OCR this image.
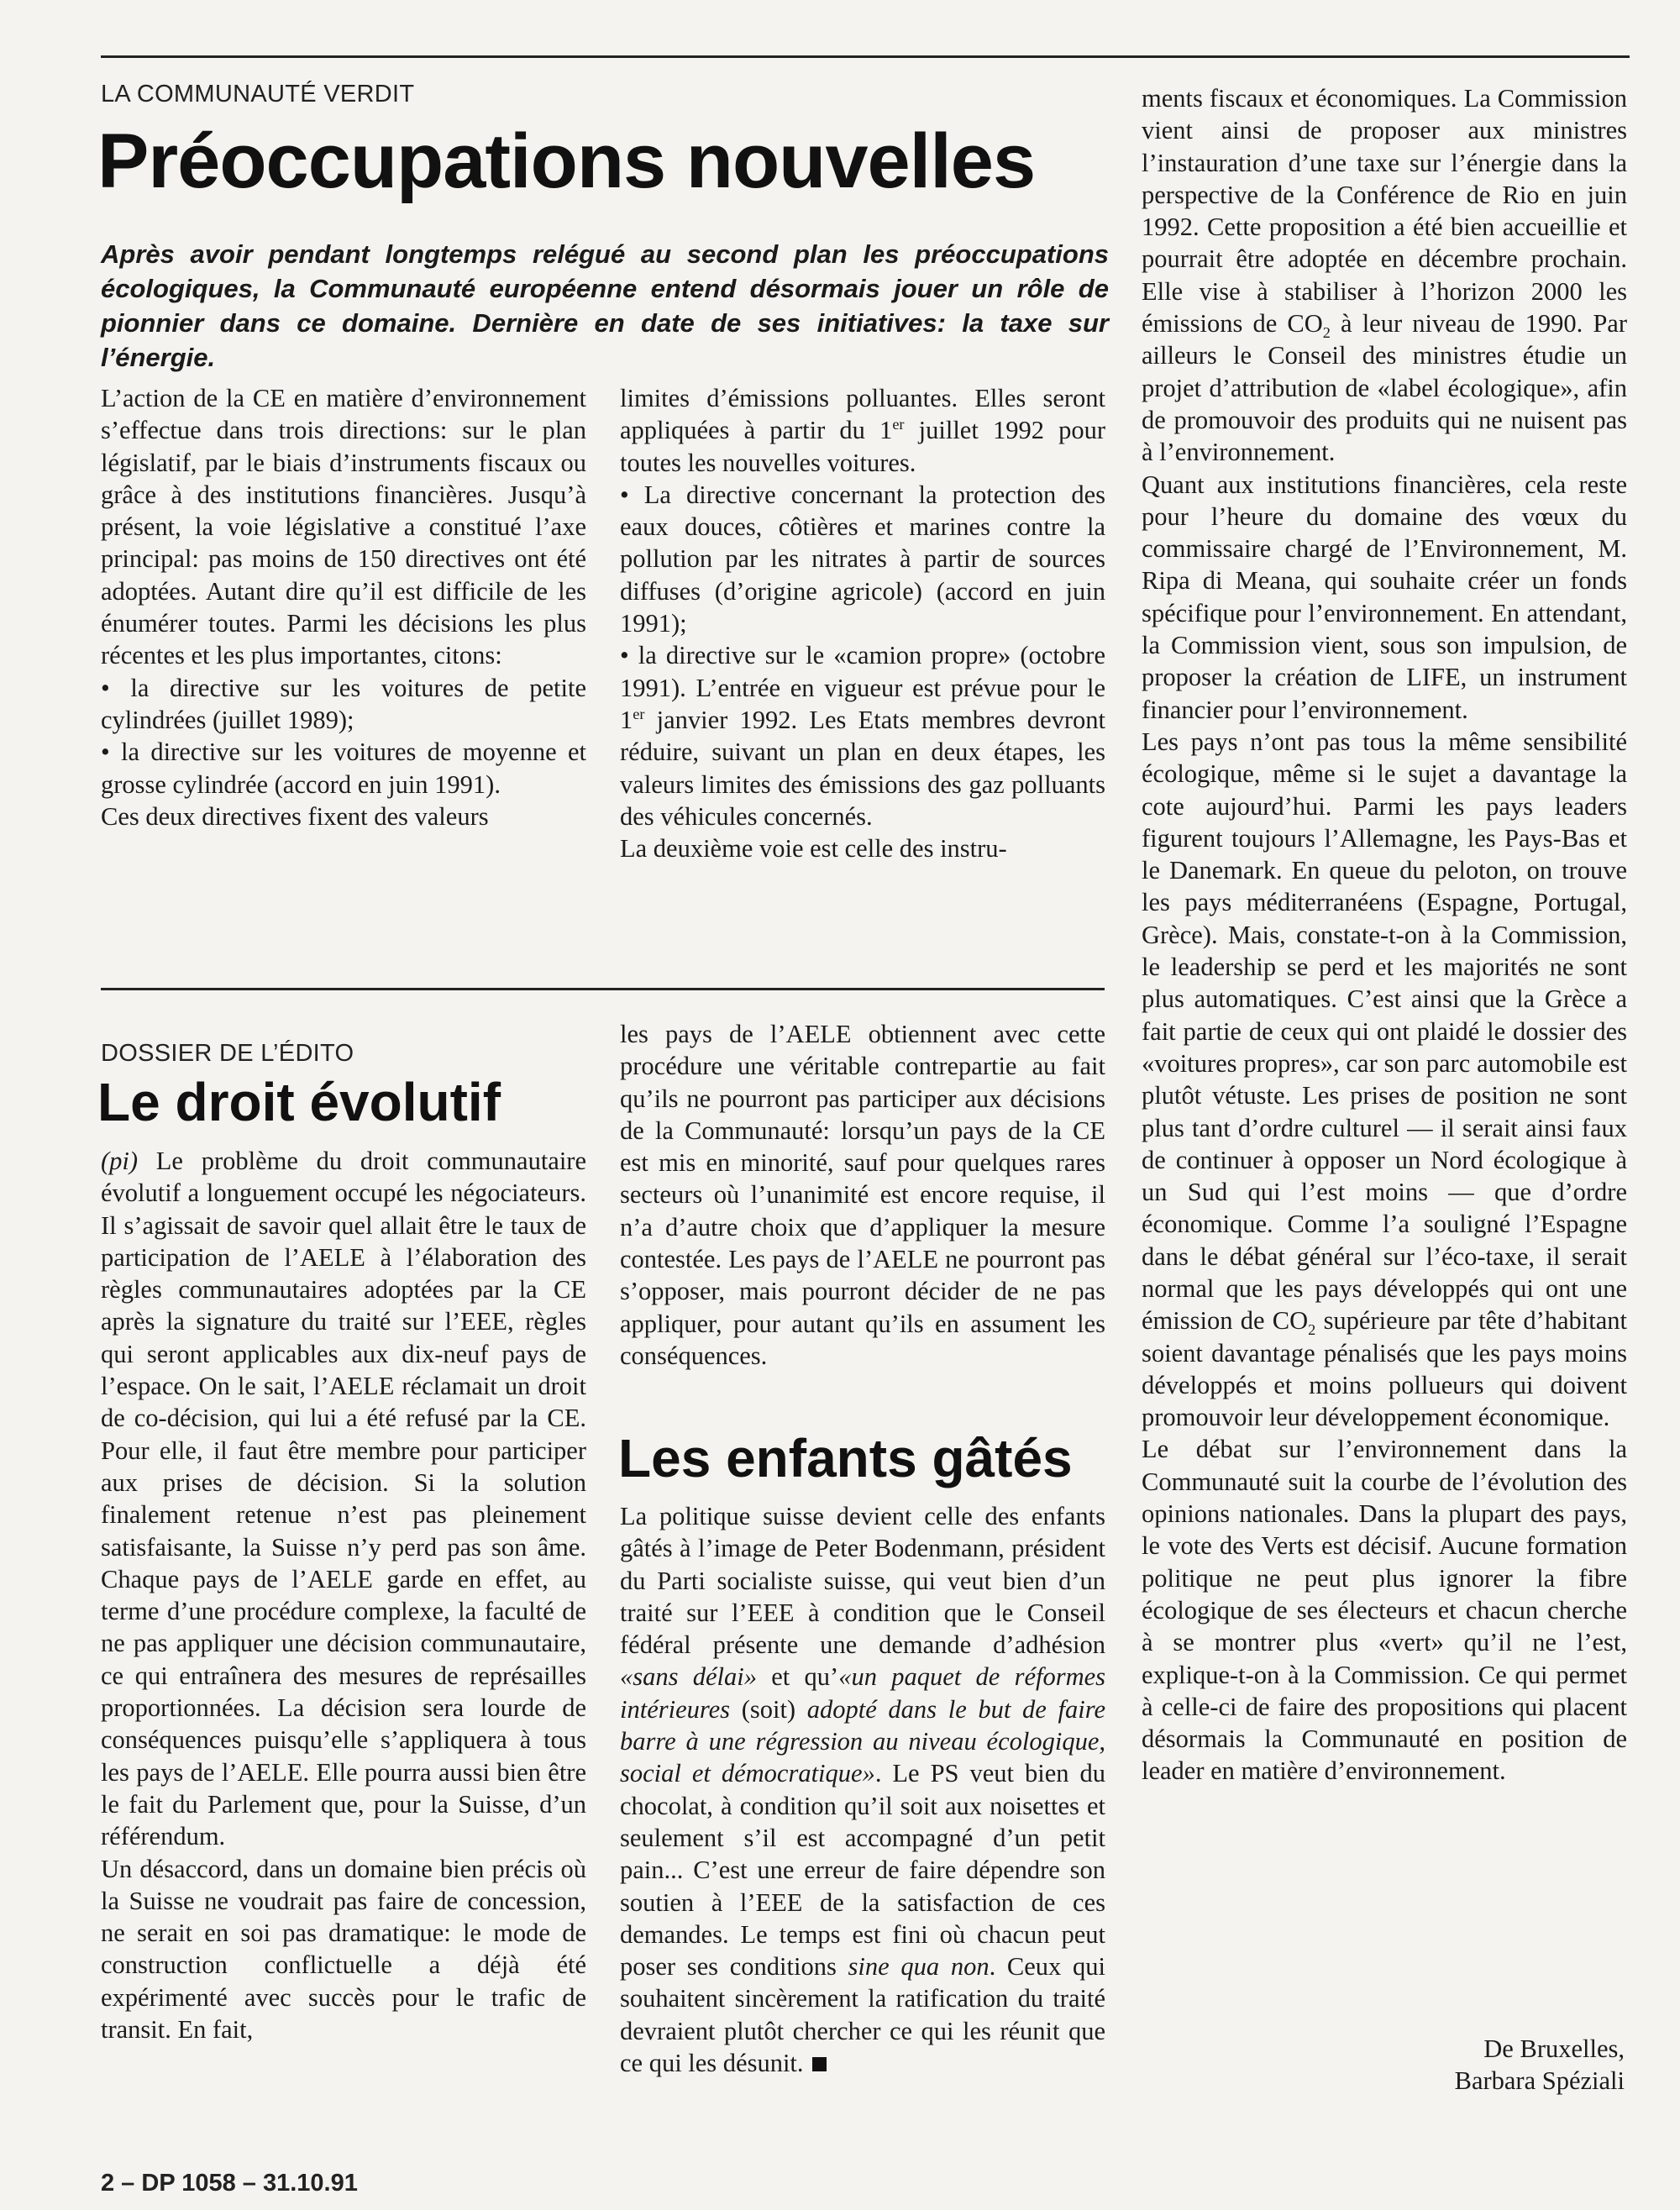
LA COMMUNAUTÉ VERDIT
Préoccupations nouvelles

Après avoir pendant longtemps relégué au second plan les préoccupations écologiques, la Communauté européenne entend désormais jouer un rôle de pionnier dans ce domaine. Dernière en date de ses initiatives: la taxe sur l’énergie.

L’action de la CE en matière d’environnement s’effectue dans trois directions: sur le plan législatif, par le biais d’instruments fiscaux ou grâce à des institutions financières. Jusqu’à présent, la voie législative a constitué l’axe principal: pas moins de 150 directives ont été adoptées. Autant dire qu’il est difficile de les énumérer toutes. Parmi les décisions les plus récentes et les plus importantes, citons:

• la directive sur les voitures de petite cylindrées (juillet 1989);
• la directive sur les voitures de moyenne et grosse cylindrée (accord en juin 1991).

Ces deux directives fixent des valeurs

limites d’émissions polluantes. Elles seront appliquées à partir du 1er juillet 1992 pour toutes les nouvelles voitures.

• La directive concernant la protection des eaux douces, côtières et marines contre la pollution par les nitrates à partir de sources diffuses (d’origine agricole) (accord en juin 1991);
• la directive sur le «camion propre» (octobre 1991). L’entrée en vigueur est prévue pour le 1er janvier 1992. Les Etats membres devront réduire, suivant un plan en deux étapes, les valeurs limites des émissions des gaz polluants des véhicules concernés.

La deuxième voie est celle des instru-

ments fiscaux et économiques. La Commission vient ainsi de proposer aux ministres l’instauration d’une taxe sur l’énergie dans la perspective de la Conférence de Rio en juin 1992. Cette proposition a été bien accueillie et pourrait être adoptée en décembre prochain. Elle vise à stabiliser à l’horizon 2000 les émissions de $CO_2$ à leur niveau de 1990. Par ailleurs le Conseil des ministres étudie un projet d’attribution de «label écologique», afin de promouvoir des produits qui ne nuisent pas à l’environnement.

Quant aux institutions financières, cela reste pour l’heure du domaine des vœux du commissaire chargé de l’Environnement, M. Ripa di Meana, qui souhaite créer un fonds spécifique pour l’environnement. En attendant, la Commission vient, sous son impulsion, de proposer la création de LIFE, un instrument financier pour l’environnement.

Les pays n’ont pas tous la même sensibilité écologique, même si le sujet a davantage la cote aujourd’hui. Parmi les pays leaders figurent toujours l’Allemagne, les Pays-Bas et le Danemark. En queue du peloton, on trouve les pays méditerranéens (Espagne, Portugal, Grèce). Mais, constate-t-on à la Commission, le leadership se perd et les majorités ne sont plus automatiques. C’est ainsi que la Grèce a fait partie de ceux qui ont plaidé le dossier des «voitures propres», car son parc automobile est plutôt vétuste. Les prises de position ne sont plus tant d’ordre culturel — il serait ainsi faux de continuer à opposer un Nord écologique à un Sud qui l’est moins — que d’ordre économique. Comme l’a souligné l’Espagne dans le débat général sur l’éco-taxe, il serait normal que les pays développés qui ont une émission de $CO_2$ supérieure par tête d’habitant soient davantage pénalisés que les pays moins développés et moins pollueurs qui doivent promouvoir leur développement économique.

Le débat sur l’environnement dans la Communauté suit la courbe de l’évolution des opinions nationales. Dans la plupart des pays, le vote des Verts est décisif. Aucune formation politique ne peut plus ignorer la fibre écologique de ses électeurs et chacun cherche à se montrer plus «vert» qu’il ne l’est, explique-t-on à la Commission. Ce qui permet à celle-ci de faire des propositions qui placent désormais la Communauté en position de leader en matière d’environnement.

De Bruxelles,
Barbara Spéziali
DOSSIER DE L’ÉDITO
Le droit évolutif

(pi) Le problème du droit communautaire évolutif a longuement occupé les négociateurs. Il s’agissait de savoir quel allait être le taux de participation de l’AELE à l’élaboration des règles communautaires adoptées par la CE après la signature du traité sur l’EEE, règles qui seront applicables aux dix-neuf pays de l’espace. On le sait, l’AELE réclamait un droit de co-décision, qui lui a été refusé par la CE. Pour elle, il faut être membre pour participer aux prises de décision. Si la solution finalement retenue n’est pas pleinement satisfaisante, la Suisse n’y perd pas son âme. Chaque pays de l’AELE garde en effet, au terme d’une procédure complexe, la faculté de ne pas appliquer une décision communautaire, ce qui entraînera des mesures de représailles proportionnées. La décision sera lourde de conséquences puisqu’elle s’appliquera à tous les pays de l’AELE. Elle pourra aussi bien être le fait du Parlement que, pour la Suisse, d’un référendum.

Un désaccord, dans un domaine bien précis où la Suisse ne voudrait pas faire de concession, ne serait en soi pas dramatique: le mode de construction conflictuelle a déjà été expérimenté avec succès pour le trafic de transit. En fait,

les pays de l’AELE obtiennent avec cette procédure une véritable contrepartie au fait qu’ils ne pourront pas participer aux décisions de la Communauté: lorsqu’un pays de la CE est mis en minorité, sauf pour quelques rares secteurs où l’unanimité est encore requise, il n’a d’autre choix que d’appliquer la mesure contestée. Les pays de l’AELE ne pourront pas s’opposer, mais pourront décider de ne pas appliquer, pour autant qu’ils en assument les conséquences.

Les enfants gâtés

La politique suisse devient celle des enfants gâtés à l’image de Peter Bodenmann, président du Parti socialiste suisse, qui veut bien d’un traité sur l’EEE à condition que le Conseil fédéral présente une demande d’adhésion «sans délai» et qu’«un paquet de réformes intérieures (soit) adopté dans le but de faire barre à une régression au niveau écologique, social et démocratique». Le PS veut bien du chocolat, à condition qu’il soit aux noisettes et seulement s’il est accompagné d’un petit pain... C’est une erreur de faire dépendre son soutien à l’EEE de la satisfaction de ces demandes. Le temps est fini où chacun peut poser ses conditions sine qua non. Ceux qui souhaitent sincèrement la ratification du traité devraient plutôt chercher ce qui les réunit que ce qui les désunit.

2 – DP 1058 – 31.10.91
